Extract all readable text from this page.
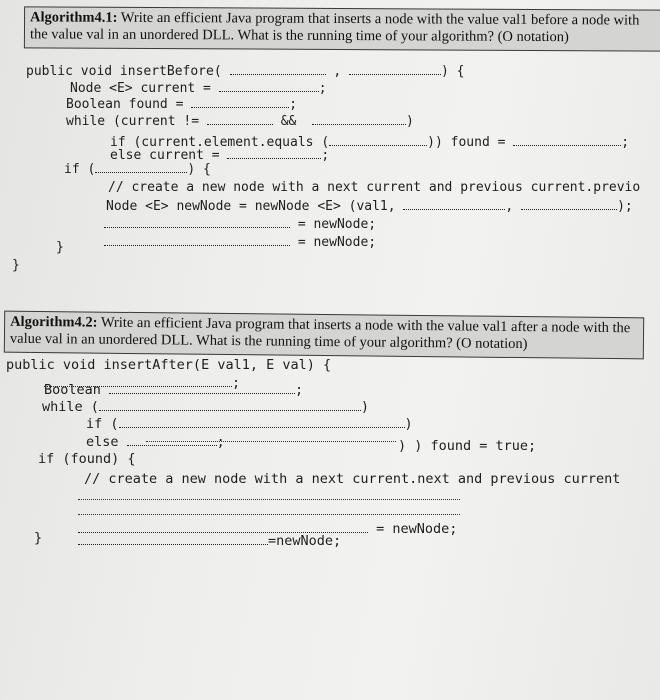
Algorithm4.1: Write an efficient Java program that inserts a node with the value val1 before a node with the value val in an unordered DLL. What is the running time of your algorithm? (O notation)
public void insertBefore(	,	) {
Node <E> current =	;
Boolean found =	;
while (current !=	&&	)
if (current.element.equals (	)) found =	;
else current =	;
if (	) {
// create a new node with a next current and previous current.previo
Node <E> newNode = newNode <E> (val1,	,	);
= newNode;
= newNode;
}
}
Algorithm4.2: Write an efficient Java program that inserts a node with the value val1 after a node with the value val in an unordered DLL. What is the running time of your algorithm? (O notation)
public void insertAfter(E val1, E val) {
;
Boolean	;
while (	)
if (	)
else	;	) ) found = true;
if (found) {
// create a new node with a next current.next and previous current
= newNode;
=newNode;
}
